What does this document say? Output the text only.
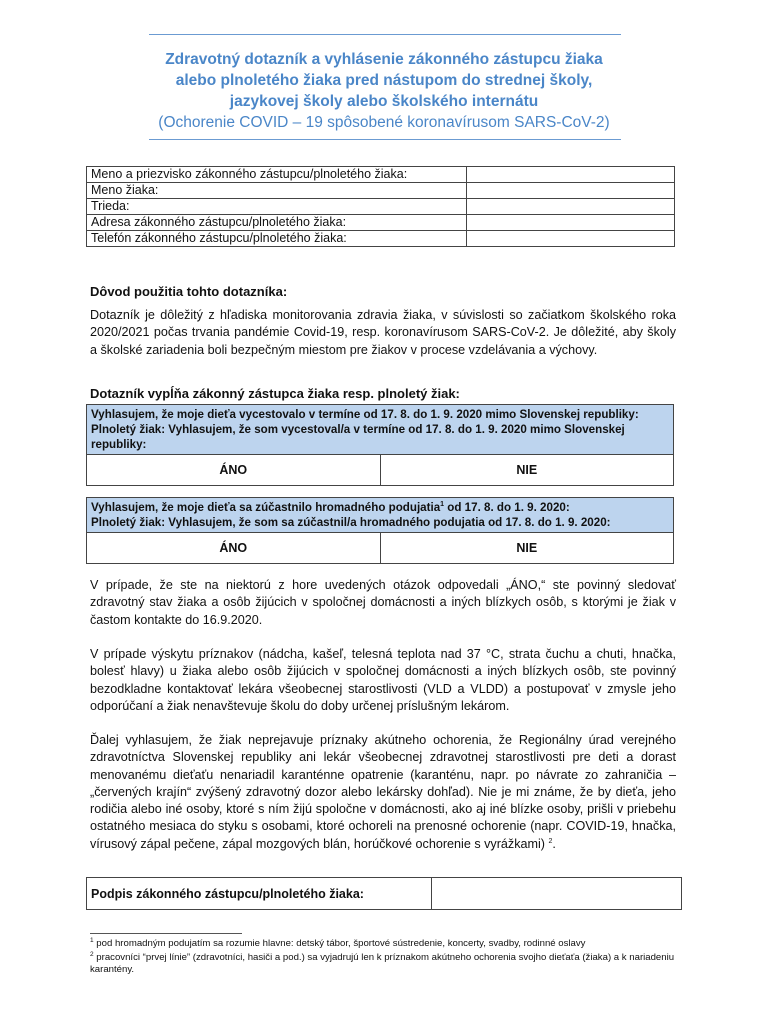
Zdravotný dotazník a vyhlásenie zákonného zástupcu žiaka
alebo plnoletého žiaka pred nástupom do strednej školy,
jazykovej školy alebo školského internátu
(Ochorenie COVID – 19 spôsobené koronavírusom SARS-CoV-2)
Meno a priezvisko zákonného zástupcu/plnoletého žiaka:	
Meno žiaka:	
Trieda:	
Adresa zákonného zástupcu/plnoletého žiaka:	
Telefón zákonného zástupcu/plnoletého žiaka:	
Dôvod použitia tohto dotazníka:
Dotazník je dôležitý z hľadiska monitorovania zdravia žiaka, v súvislosti so začiatkom školského roka 2020/2021 počas trvania pandémie Covid-19, resp. koronavírusom SARS-CoV-2. Je dôležité, aby školy a školské zariadenia boli bezpečným miestom pre žiakov v procese vzdelávania a výchovy.
Dotazník vypĺňa zákonný zástupca žiaka resp. plnoletý žiak:
Vyhlasujem, že moje dieťa vycestovalo v termíne od 17. 8. do 1. 9. 2020 mimo Slovenskej republiky:
Plnoletý žiak: Vyhlasujem, že som vycestoval/a v termíne od 17. 8. do 1. 9. 2020 mimo Slovenskej republiky:

ÁNO	NIE
Vyhlasujem, že moje dieťa sa zúčastnilo hromadného podujatia$^1$ od 17. 8. do 1. 9. 2020:
Plnoletý žiak: Vyhlasujem, že som sa zúčastnil/a hromadného podujatia od 17. 8. do 1. 9. 2020:

ÁNO	NIE
V prípade, že ste na niektorú z hore uvedených otázok odpovedali „ÁNO,“ ste povinný sledovať zdravotný stav žiaka a osôb žijúcich v spoločnej domácnosti a iných blízkych osôb, s ktorými je žiak v častom kontakte do 16.9.2020.
V prípade výskytu príznakov (nádcha, kašeľ, telesná teplota nad 37 °C, strata čuchu a chuti, hnačka, bolesť hlavy) u žiaka alebo osôb žijúcich v spoločnej domácnosti a iných blízkych osôb, ste povinný bezodkladne kontaktovať lekára všeobecnej starostlivosti (VLD a VLDD) a postupovať v zmysle jeho odporúčaní a žiak nenavštevuje školu do doby určenej príslušným lekárom.
Ďalej vyhlasujem, že žiak neprejavuje príznaky akútneho ochorenia, že Regionálny úrad verejného zdravotníctva Slovenskej republiky ani lekár všeobecnej zdravotnej starostlivosti pre deti a dorast menovanému dieťaťu nenariadil karanténne opatrenie (karanténu, napr. po návrate zo zahraničia – „červených krajín“ zvýšený zdravotný dozor alebo lekársky dohľad). Nie je mi známe, že by dieťa, jeho rodičia alebo iné osoby, ktoré s ním žijú spoločne v domácnosti, ako aj iné blízke osoby, prišli v priebehu ostatného mesiaca do styku s osobami, ktoré ochoreli na prenosné ochorenie (napr. COVID-19, hnačka, vírusový zápal pečene, zápal mozgových blán, horúčkové ochorenie s vyrážkami) $^2$.
Podpis zákonného zástupcu/plnoletého žiaka:	
$^1$ pod hromadným podujatím sa rozumie hlavne: detský tábor, športové sústredenie, koncerty, svadby, rodinné oslavy
$^2$ pracovníci “prvej línie” (zdravotníci, hasiči a pod.) sa vyjadrujú len k príznakom akútneho ochorenia svojho dieťaťa (žiaka) a k nariadeniu karantény.
